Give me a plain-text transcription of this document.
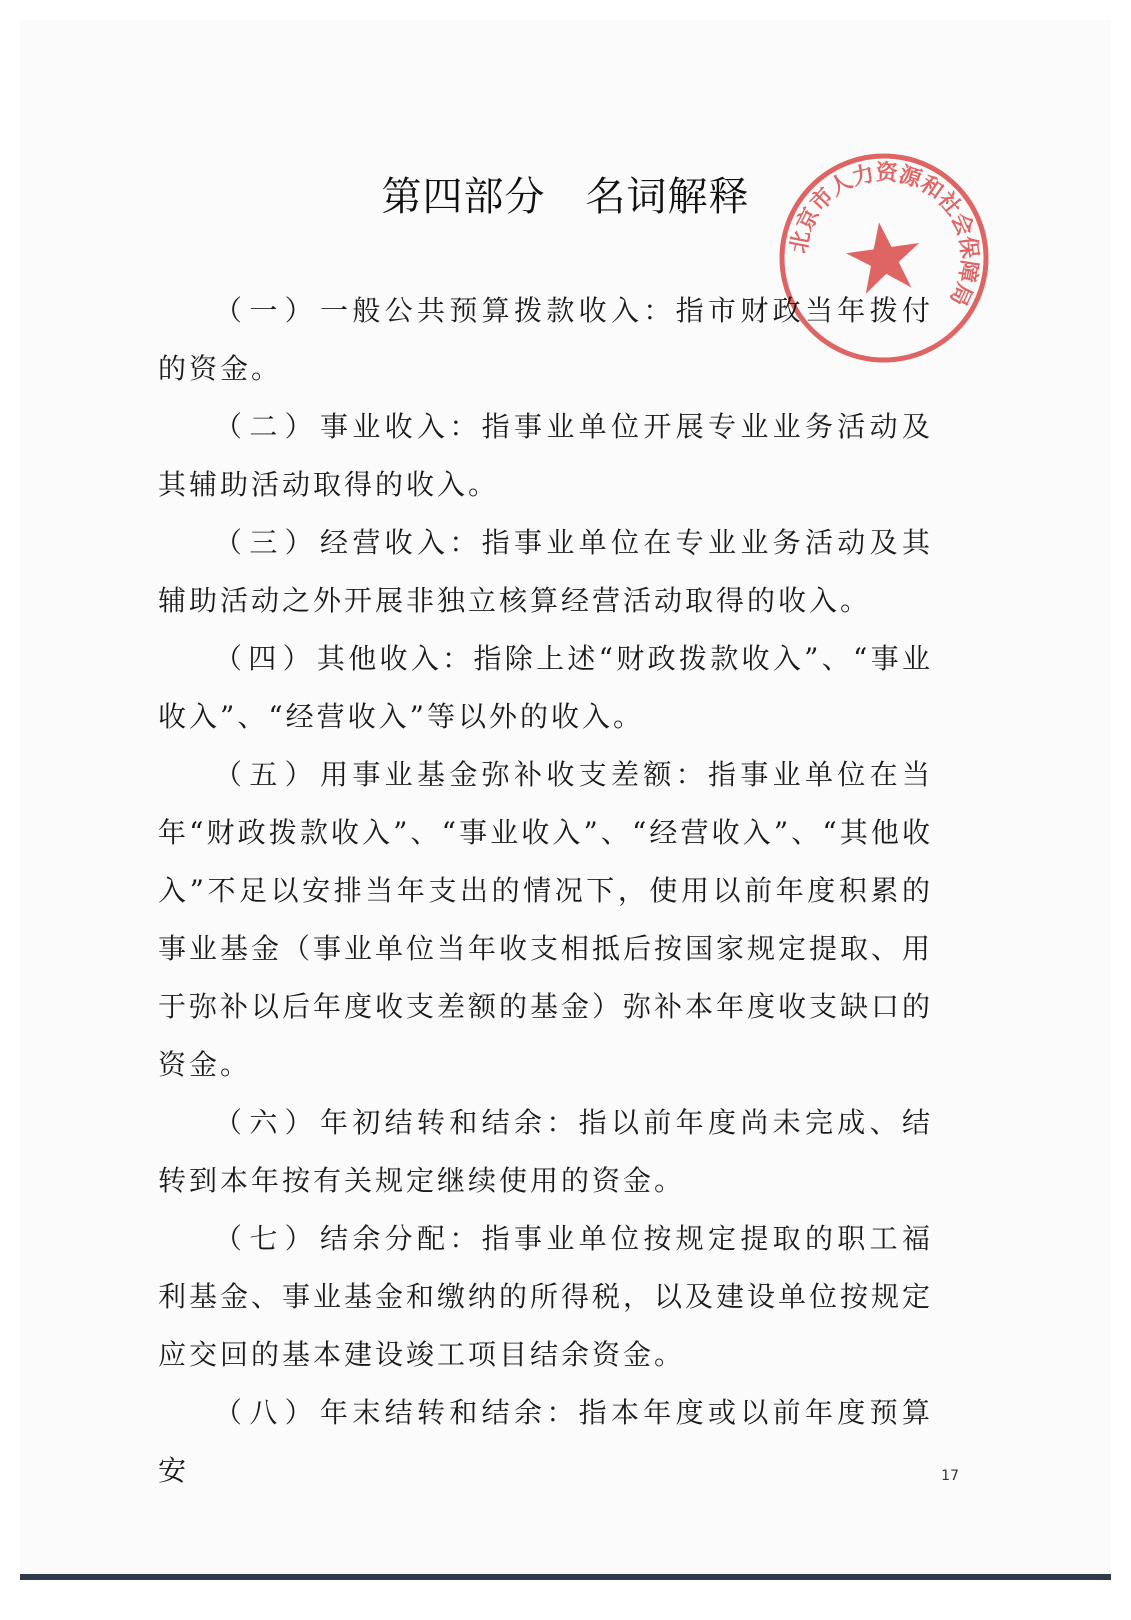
第四部分 名词解释
北京市人力资源和社会保障局

（一）一般公共预算拨款收入：指市财政当年拨付的资金。

（二）事业收入：指事业单位开展专业业务活动及其辅助活动取得的收入。

（三）经营收入：指事业单位在专业业务活动及其辅助活动之外开展非独立核算经营活动取得的收入。

（四）其他收入：指除上述“财政拨款收入”、“事业收入”、“经营收入”等以外的收入。

（五）用事业基金弥补收支差额：指事业单位在当年“财政拨款收入”、“事业收入”、“经营收入”、“其他收入”不足以安排当年支出的情况下，使用以前年度积累的事业基金（事业单位当年收支相抵后按国家规定提取、用于弥补以后年度收支差额的基金）弥补本年度收支缺口的资金。

（六）年初结转和结余：指以前年度尚未完成、结转到本年按有关规定继续使用的资金。

（七）结余分配：指事业单位按规定提取的职工福利基金、事业基金和缴纳的所得税，以及建设单位按规定应交回的基本建设竣工项目结余资金。

（八）年末结转和结余：指本年度或以前年度预算安	17
